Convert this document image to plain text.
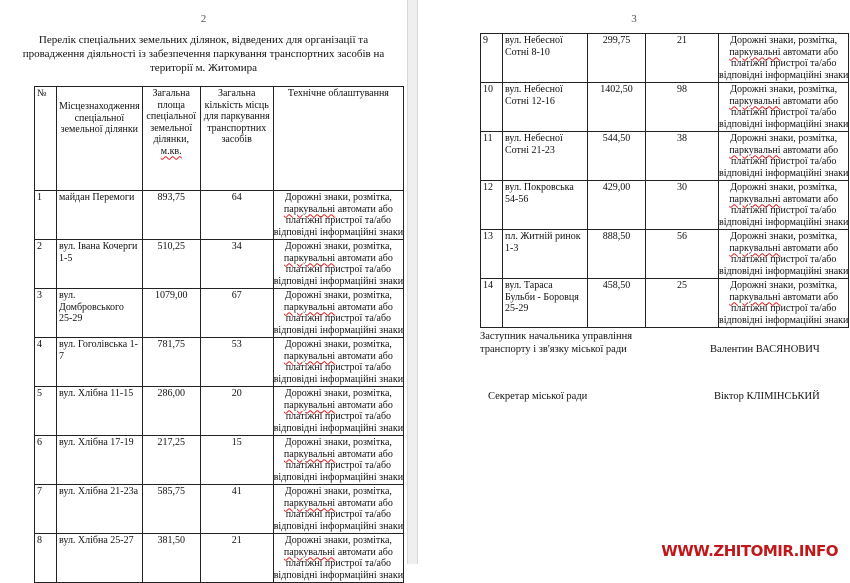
2
Перелік спеціальних земельних ділянок, відведених для організації та
провадження діяльності із забезпечення паркування транспортних засобів на
території м. Житомира
№	Місцезнаходження спеціальної земельної ділянки	Загальна площа спеціальної земельної ділянки,
м.кв.	Загальна кількість місць для паркування транспортних засобів	Технічне облаштування
1	майдан Перемоги	893,75	64	Дорожні знаки, розмітка,
паркувальні автомати або
платіжні пристрої та/або
відповідні інформаційні знаки

2	вул. Івана Кочерги 1-5	510,25	34	Дорожні знаки, розмітка,
паркувальні автомати або
платіжні пристрої та/або
відповідні інформаційні знаки

3	вул. Домбровського 25-29	1079,00	67	Дорожні знаки, розмітка,
паркувальні автомати або
платіжні пристрої та/або
відповідні інформаційні знаки

4	вул. Гоголівська 1-7	781,75	53	Дорожні знаки, розмітка,
паркувальні автомати або
платіжні пристрої та/або
відповідні інформаційні знаки

5	вул. Хлібна 11-15	286,00	20	Дорожні знаки, розмітка,
паркувальні автомати або
платіжні пристрої та/або
відповідні інформаційні знаки

6	вул. Хлібна 17-19	217,25	15	Дорожні знаки, розмітка,
паркувальні автомати або
платіжні пристрої та/або
відповідні інформаційні знаки

7	вул. Хлібна 21-23а	585,75	41	Дорожні знаки, розмітка,
паркувальні автомати або
платіжні пристрої та/або
відповідні інформаційні знаки

8	вул. Хлібна 25-27	381,50	21	Дорожні знаки, розмітка,
паркувальні автомати або
платіжні пристрої та/або
відповідні інформаційні знаки
3
9	вул. Небесної Сотні 8-10	299,75	21	Дорожні знаки, розмітка,
паркувальні автомати або
платіжні пристрої та/або
відповідні інформаційні знаки

10	вул. Небесної Сотні 12-16	1402,50	98	Дорожні знаки, розмітка,
паркувальні автомати або
платіжні пристрої та/або
відповідні інформаційні знаки

11	вул. Небесної Сотні 21-23	544,50	38	Дорожні знаки, розмітка,
паркувальні автомати або
платіжні пристрої та/або
відповідні інформаційні знаки

12	вул. Покровська 54-56	429,00	30	Дорожні знаки, розмітка,
паркувальні автомати або
платіжні пристрої та/або
відповідні інформаційні знаки

13	пл. Житній ринок 1-3	888,50	56	Дорожні знаки, розмітка,
паркувальні автомати або
платіжні пристрої та/або
відповідні інформаційні знаки

14	вул. Тараса Бульби - Боровця 25-29	458,50	25	Дорожні знаки, розмітка,
паркувальні автомати або
платіжні пристрої та/або
відповідні інформаційні знаки
Заступник начальника управління
транспорту і зв'язку міської ради	Валентин ВАСЯНОВИЧ
Секретар міської ради	Віктор КЛІМІНСЬКИЙ
WWW.ZHITOMIR.INFO
